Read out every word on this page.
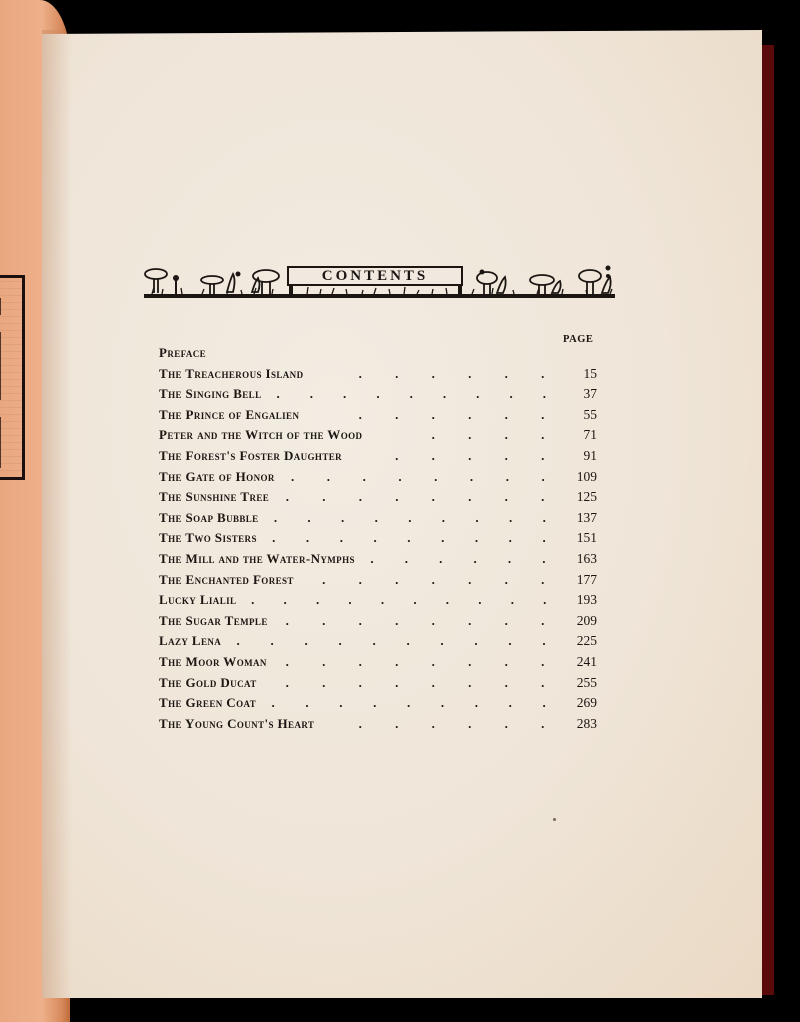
CONTENTS
PAGE
Preface
The Treacherous Island	.	.	.	.	.	.	15
The Singing Bell	.	.	.	.	.	.	.	.	.	37
The Prince of Engalien	.	.	.	.	.	.	55
Peter and the Witch of the Wood	.	.	.	.	71
The Forest's Foster Daughter	.	.	.	.	.	91
The Gate of Honor	.	.	.	.	.	.	.	.	109
The Sunshine Tree	.	.	.	.	.	.	.	.	125
The Soap Bubble	.	.	.	.	.	.	.	.	.	137
The Two Sisters	.	.	.	.	.	.	.	.	.	151
The Mill and the Water-Nymphs	.	.	.	.	.	.	163
The Enchanted Forest	.	.	.	.	.	.	.	177
Lucky Lialil	.	.	.	.	.	.	.	.	.	.	193
The Sugar Temple	.	.	.	.	.	.	.	.	209
Lazy Lena	.	.	.	.	.	.	.	.	.	.	225
The Moor Woman	.	.	.	.	.	.	.	.	241
The Gold Ducat	.	.	.	.	.	.	.	.	255
The Green Coat	.	.	.	.	.	.	.	.	.	269
The Young Count's Heart	.	.	.	.	.	.	283
